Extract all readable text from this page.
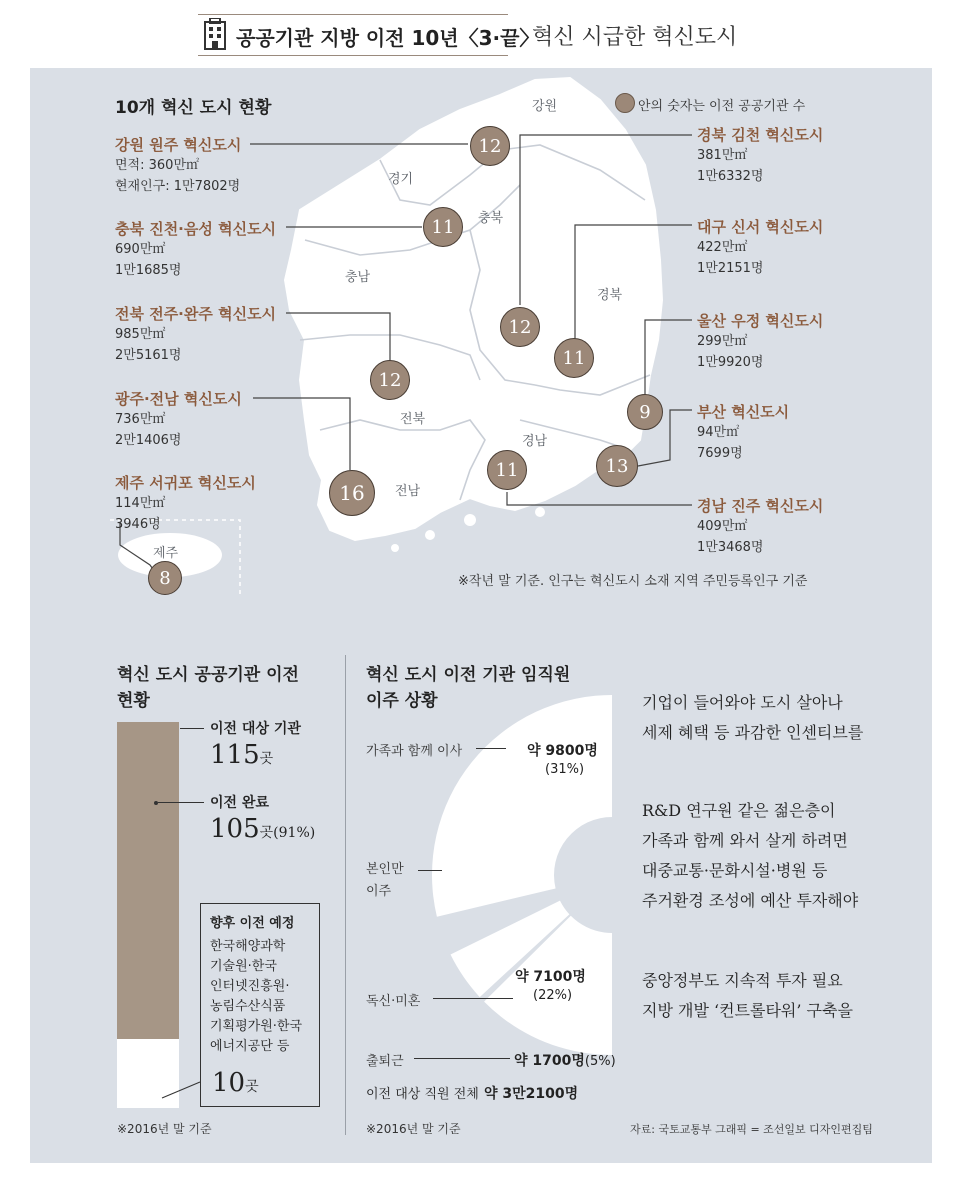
공공기관 지방 이전 10년〈3·끝〉
혁신 시급한 혁신도시
10개 혁신 도시 현황	안의 숫자는 이전 공공기관 수
강원
경기
충북
충남
경북
전북
경남
전남
제주
강원 원주 혁신도시
면적: 360만㎡
현재인구: 1만7802명
충북 진천·음성 혁신도시
690만㎡
1만1685명
전북 전주·완주 혁신도시
985만㎡
2만5161명
광주·전남 혁신도시
736만㎡
2만1406명
제주 서귀포 혁신도시
114만㎡
3946명
경북 김천 혁신도시
381만㎡
1만6332명
대구 신서 혁신도시
422만㎡
1만2151명
울산 우정 혁신도시
299만㎡
1만9920명
부산 혁신도시
94만㎡
7699명
경남 진주 혁신도시
409만㎡
1만3468명
12
11
12
16
8
12
11
9
13
11
※작년 말 기준. 인구는 혁신도시 소재 지역 주민등록인구 기준
혁신 도시 공공기관 이전
현황
이전 대상 기관
115곳
이전 완료
105곳(91%)
향후 이전 예정
한국해양과학
기술원·한국
인터넷진흥원·
농림수산식품
기획평가원·한국
에너지공단 등
10곳
※2016년 말 기준
혁신 도시 이전 기관 임직원
이주 상황
가족과 함께 이사	약 9800명
(31%)
본인만
이주
약 1만3500명
(42%)
독신·미혼
약 7100명
(22%)
출퇴근	약 1700명(5%)
이전 대상 직원 전체 약 3만2100명
※2016년 말 기준
기업이 들어와야 도시 살아나
세제 혜택 등 과감한 인센티브를
R&D 연구원 같은 젊은층이
가족과 함께 와서 살게 하려면
대중교통·문화시설·병원 등
주거환경 조성에 예산 투자해야
중앙정부도 지속적 투자 필요
지방 개발 ‘컨트롤타워’ 구축을
자료: 국토교통부 그래픽 = 조선일보 디자인편집팀
